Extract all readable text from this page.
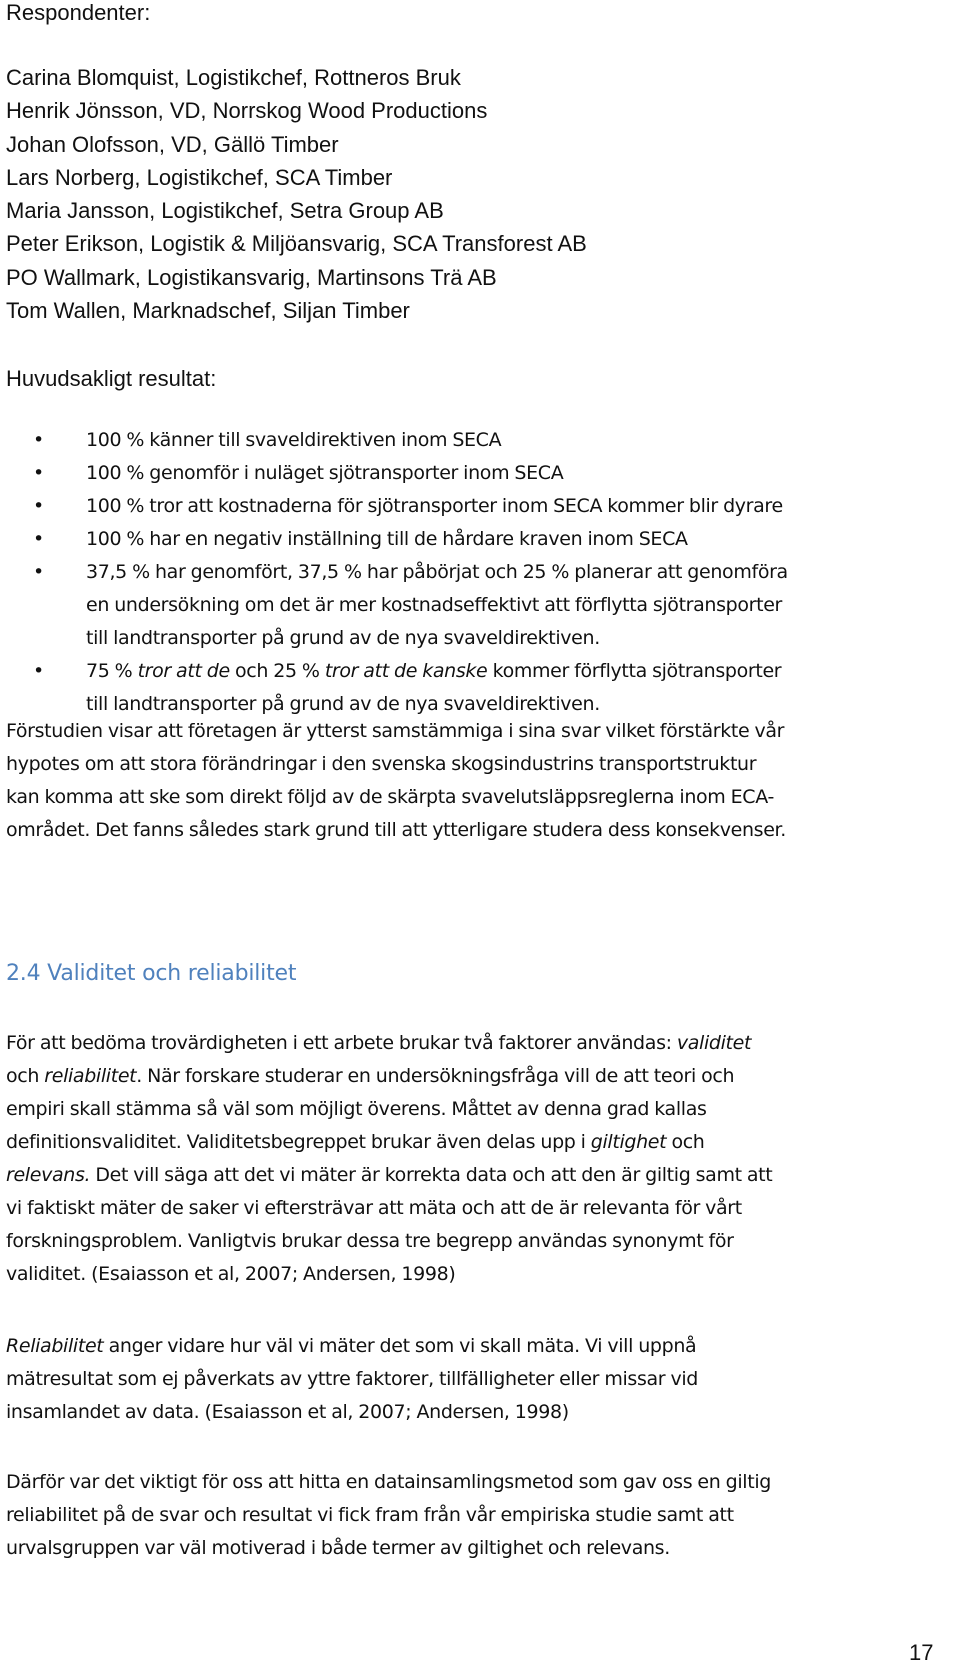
Respondenter:
Carina Blomquist, Logistikchef, Rottneros Bruk
Henrik Jönsson, VD, Norrskog Wood Productions
Johan Olofsson, VD, Gällö Timber
Lars Norberg, Logistikchef, SCA Timber
Maria Jansson, Logistikchef, Setra Group AB
Peter Erikson, Logistik & Miljöansvarig, SCA Transforest AB
PO Wallmark, Logistikansvarig, Martinsons Trä AB
Tom Wallen, Marknadschef, Siljan Timber
Huvudsakligt resultat:
• 100 % känner till svaveldirektiven inom SECA
• 100 % genomför i nuläget sjötransporter inom SECA
• 100 % tror att kostnaderna för sjötransporter inom SECA kommer blir dyrare
• 100 % har en negativ inställning till de hårdare kraven inom SECA
• 37,5 % har genomfört, 37,5 % har påbörjat och 25 % planerar att genomföra
en undersökning om det är mer kostnadseffektivt att förflytta sjötransporter
till landtransporter på grund av de nya svaveldirektiven.
• 75 % tror att de och 25 % tror att de kanske kommer förflytta sjötransporter
till landtransporter på grund av de nya svaveldirektiven.

Förstudien visar att företagen är ytterst samstämmiga i sina svar vilket förstärkte vår
hypotes om att stora förändringar i den svenska skogsindustrins transportstruktur
kan komma att ske som direkt följd av de skärpta svavelutsläppsreglerna inom ECA-
området. Det fanns således stark grund till att ytterligare studera dess konsekvenser.

2.4 Validitet och reliabilitet

För att bedöma trovärdigheten i ett arbete brukar två faktorer användas: validitet
och reliabilitet. När forskare studerar en undersökningsfråga vill de att teori och
empiri skall stämma så väl som möjligt överens. Måttet av denna grad kallas
definitionsvaliditet. Validitetsbegreppet brukar även delas upp i giltighet och
relevans. Det vill säga att det vi mäter är korrekta data och att den är giltig samt att
vi faktiskt mäter de saker vi eftersträvar att mäta och att de är relevanta för vårt
forskningsproblem. Vanligtvis brukar dessa tre begrepp användas synonymt för
validitet. (Esaiasson et al, 2007; Andersen, 1998)

Reliabilitet anger vidare hur väl vi mäter det som vi skall mäta. Vi vill uppnå
mätresultat som ej påverkats av yttre faktorer, tillfälligheter eller missar vid
insamlandet av data. (Esaiasson et al, 2007; Andersen, 1998)

Därför var det viktigt för oss att hitta en datainsamlingsmetod som gav oss en giltig
reliabilitet på de svar och resultat vi fick fram från vår empiriska studie samt att
urvalsgruppen var väl motiverad i både termer av giltighet och relevans.

17
